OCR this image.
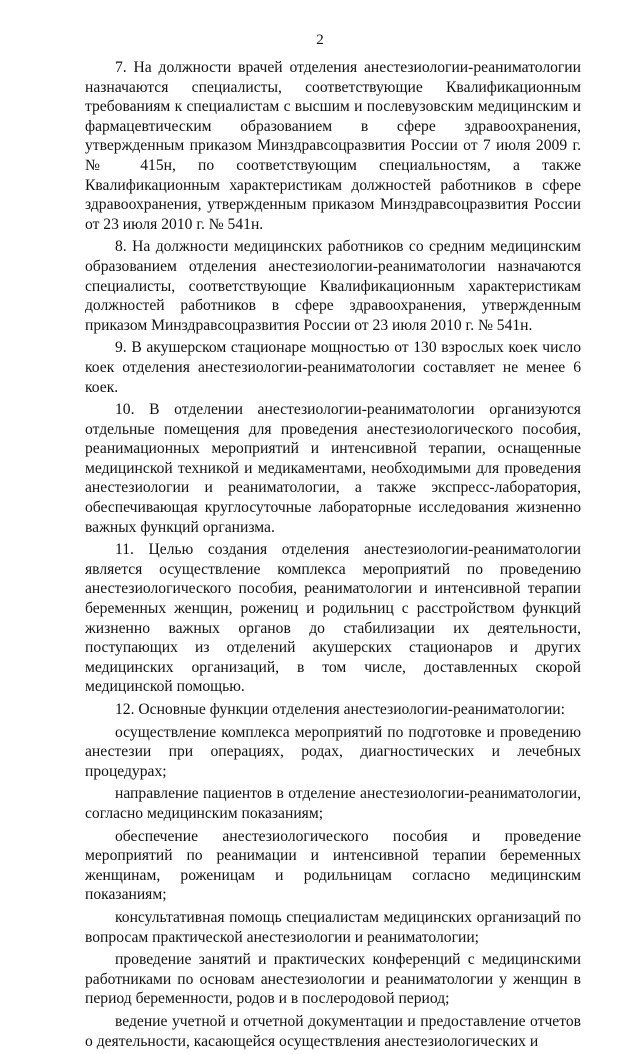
2

7. На должности врачей отделения анестезиологии-реаниматологии назначаются специалисты, соответствующие Квалификационным требованиям к специалистам с высшим и послевузовским медицинским и фармацевтическим образованием в сфере здравоохранения, утвержденным приказом Минздравсоцразвития России от 7 июля 2009 г. № 415н, по соответствующим специальностям, а также Квалификационным характеристикам должностей работников в сфере здравоохранения, утвержденным приказом Минздравсоцразвития России от 23 июля 2010 г. № 541н.

8. На должности медицинских работников со средним медицинским образованием отделения анестезиологии-реаниматологии назначаются специалисты, соответствующие Квалификационным характеристикам должностей работников в сфере здравоохранения, утвержденным приказом Минздравсоцразвития России от 23 июля 2010 г. № 541н.

9. В акушерском стационаре мощностью от 130 взрослых коек число коек отделения анестезиологии-реаниматологии составляет не менее 6 коек.

10. В отделении анестезиологии-реаниматологии организуются отдельные помещения для проведения анестезиологического пособия, реанимационных мероприятий и интенсивной терапии, оснащенные медицинской техникой и медикаментами, необходимыми для проведения анестезиологии и реаниматологии, а также экспресс-лаборатория, обеспечивающая круглосуточные лабораторные исследования жизненно важных функций организма.

11. Целью создания отделения анестезиологии-реаниматологии является осуществление комплекса мероприятий по проведению анестезиологического пособия, реаниматологии и интенсивной терапии беременных женщин, рожениц и родильниц с расстройством функций жизненно важных органов до стабилизации их деятельности, поступающих из отделений акушерских стационаров и других медицинских организаций, в том числе, доставленных скорой медицинской помощью.

12. Основные функции отделения анестезиологии-реаниматологии:

осуществление комплекса мероприятий по подготовке и проведению анестезии при операциях, родах, диагностических и лечебных процедурах;

направление пациентов в отделение анестезиологии-реаниматологии, согласно медицинским показаниям;

обеспечение анестезиологического пособия и проведение мероприятий по реанимации и интенсивной терапии беременных женщинам, роженицам и родильницам согласно медицинским показаниям;

консультативная помощь специалистам медицинских организаций по вопросам практической анестезиологии и реаниматологии;

проведение занятий и практических конференций с медицинскими работниками по основам анестезиологии и реаниматологии у женщин в период беременности, родов и в послеродовой период;

ведение учетной и отчетной документации и предоставление отчетов о деятельности, касающейся осуществления анестезиологических и
